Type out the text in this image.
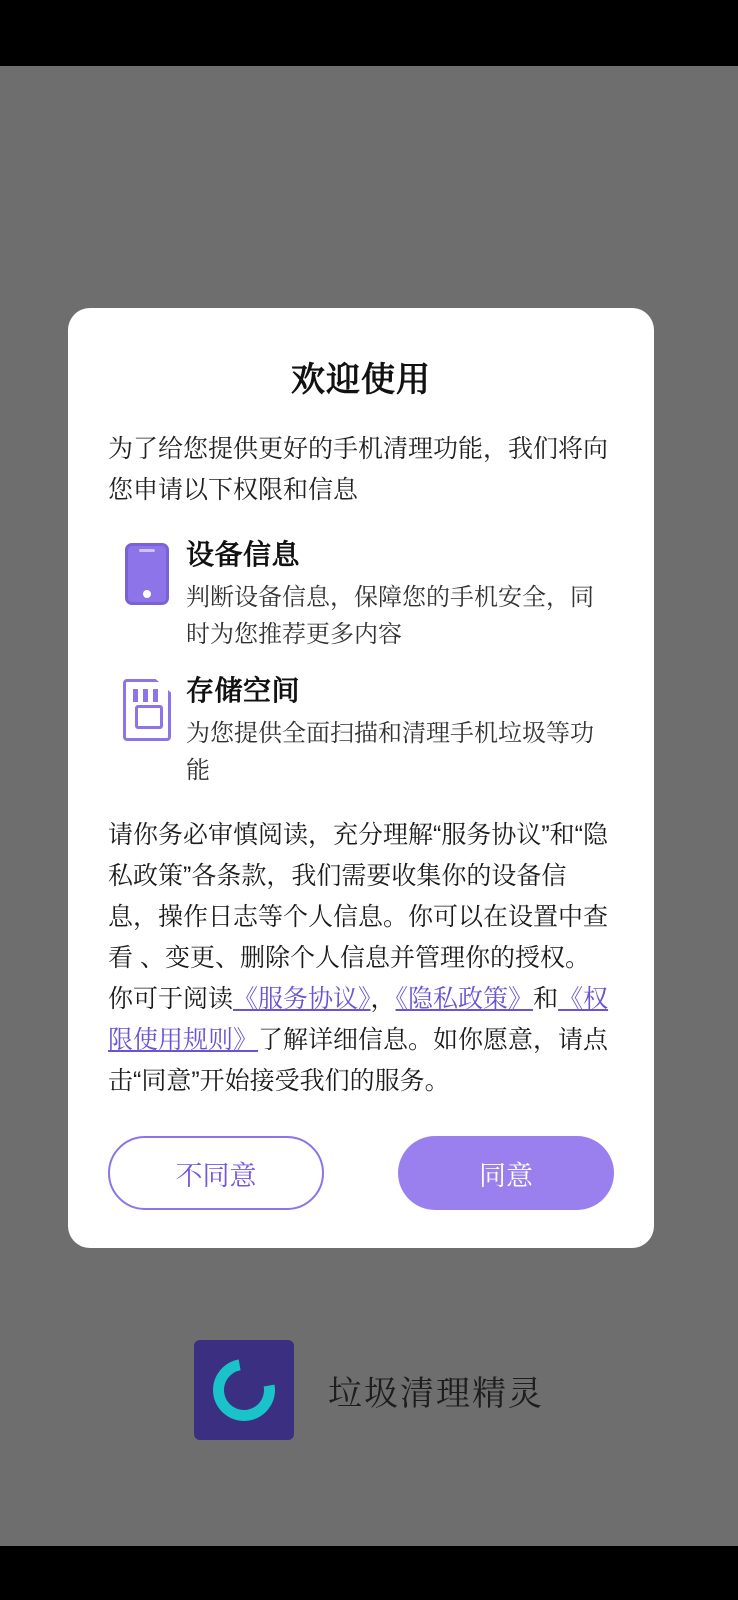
欢迎使用

为了给您提供更好的手机清理功能，我们将向您申请以下权限和信息

设备信息

判断设备信息，保障您的手机安全，同时为您推荐更多内容

存储空间

为您提供全面扫描和清理手机垃圾等功能

请你务必审慎阅读，充分理解“服务协议”和“隐私政策”各条款，我们需要收集你的设备信息，操作日志等个人信息。你可以在设置中查看 、变更、删除个人信息并管理你的授权。
你可于阅读《服务协议》，《隐私政策》和《权限使用规则》了解详细信息。如你愿意，请点击“同意”开始接受我们的服务。

不同意	同意
垃圾清理精灵
